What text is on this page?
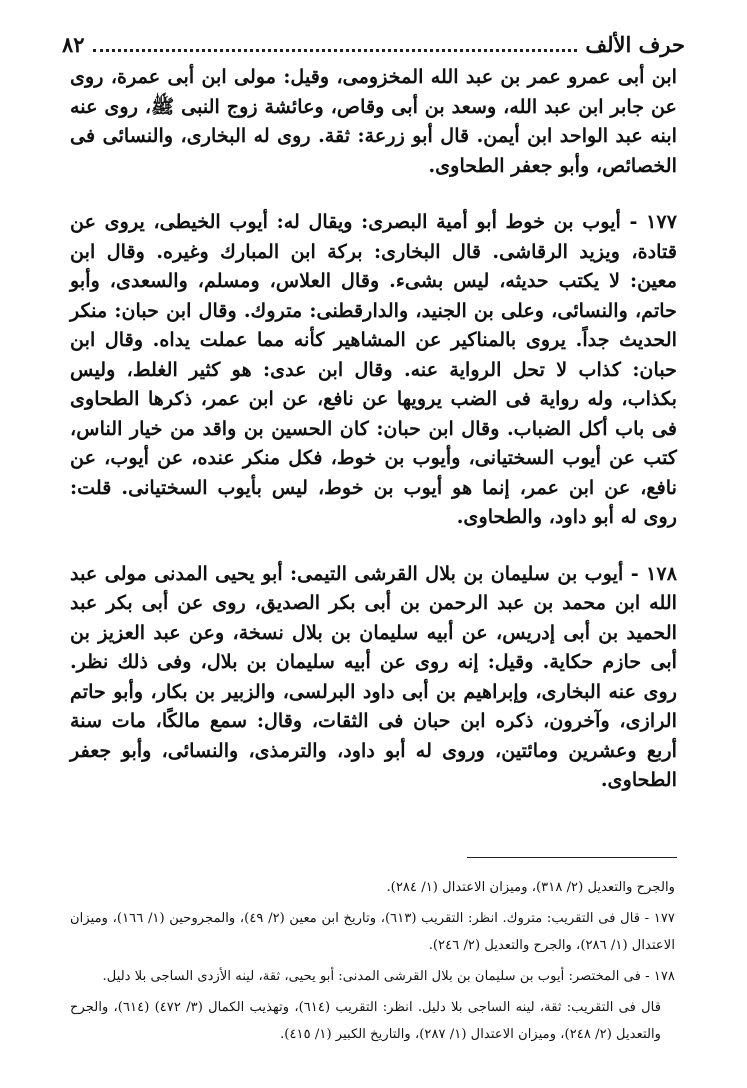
حرف الألف
٨٢

ابن أبى عمرو عمر بن عبد الله المخزومى، وقيل: مولى ابن أبى عمرة، روى عن جابر ابن عبد الله، وسعد بن أبى وقاص، وعائشة زوج النبى ﷺ، روى عنه ابنه عبد الواحد ابن أيمن. قال أبو زرعة: ثقة. روى له البخارى، والنسائى فى الخصائص، وأبو جعفر الطحاوى.

١٧٧ - أيوب بن خوط أبو أمية البصرى: ويقال له: أيوب الخيطى، يروى عن قتادة، ويزيد الرقاشى. قال البخارى: بركة ابن المبارك وغيره. وقال ابن معين: لا يكتب حديثه، ليس بشىء. وقال العلاس، ومسلم، والسعدى، وأبو حاتم، والنسائى، وعلى بن الجنيد، والدارقطنى: متروك. وقال ابن حبان: منكر الحديث جداً. يروى بالمناكير عن المشاهير كأنه مما عملت يداه. وقال ابن حبان: كذاب لا تحل الرواية عنه. وقال ابن عدى: هو كثير الغلط، وليس بكذاب، وله رواية فى الضب يرويها عن نافع، عن ابن عمر، ذكرها الطحاوى فى باب أكل الضباب. وقال ابن حبان: كان الحسين بن واقد من خيار الناس، كتب عن أيوب السختيانى، وأيوب بن خوط، فكل منكر عنده، عن أيوب، عن نافع، عن ابن عمر، إنما هو أيوب بن خوط، ليس بأيوب السختيانى. قلت: روى له أبو داود، والطحاوى.

١٧٨ - أيوب بن سليمان بن بلال القرشى التيمى: أبو يحيى المدنى مولى عبد الله ابن محمد بن عبد الرحمن بن أبى بكر الصديق، روى عن أبى بكر عبد الحميد بن أبى إدريس، عن أبيه سليمان بن بلال نسخة، وعن عبد العزيز بن أبى حازم حكاية. وقيل: إنه روى عن أبيه سليمان بن بلال، وفى ذلك نظر. روى عنه البخارى، وإبراهيم بن أبى داود البرلسى، والزبير بن بكار، وأبو حاتم الرازى، وآخرون، ذكره ابن حبان فى الثقات، وقال: سمع مالكًا، مات سنة أربع وعشرين ومائتين، وروى له أبو داود، والترمذى، والنسائى، وأبو جعفر الطحاوى.

والجرح والتعديل (٢/ ٣١٨)، وميزان الاعتدال (١/ ٢٨٤).

١٧٧ - قال فى التقريب: متروك. انظر: التقريب (٦١٣)، وتاريخ ابن معين (٢/ ٤٩)، والمجروحين (١/ ١٦٦)، وميزان الاعتدال (١/ ٢٨٦)، والجرح والتعديل (٢/ ٢٤٦).

١٧٨ - فى المختصر: أيوب بن سليمان بن بلال القرشى المدنى: أبو يحيى، ثقة، لينه الأزدى الساجى بلا دليل.

قال فى التقريب: ثقة، لينه الساجى بلا دليل. انظر: التقريب (٦١٤)، وتهذيب الكمال (٣/ ٤٧٢) (٦١٤)، والجرح والتعديل (٢/ ٢٤٨)، وميزان الاعتدال (١/ ٢٨٧)، والتاريخ الكبير (١/ ٤١٥).
